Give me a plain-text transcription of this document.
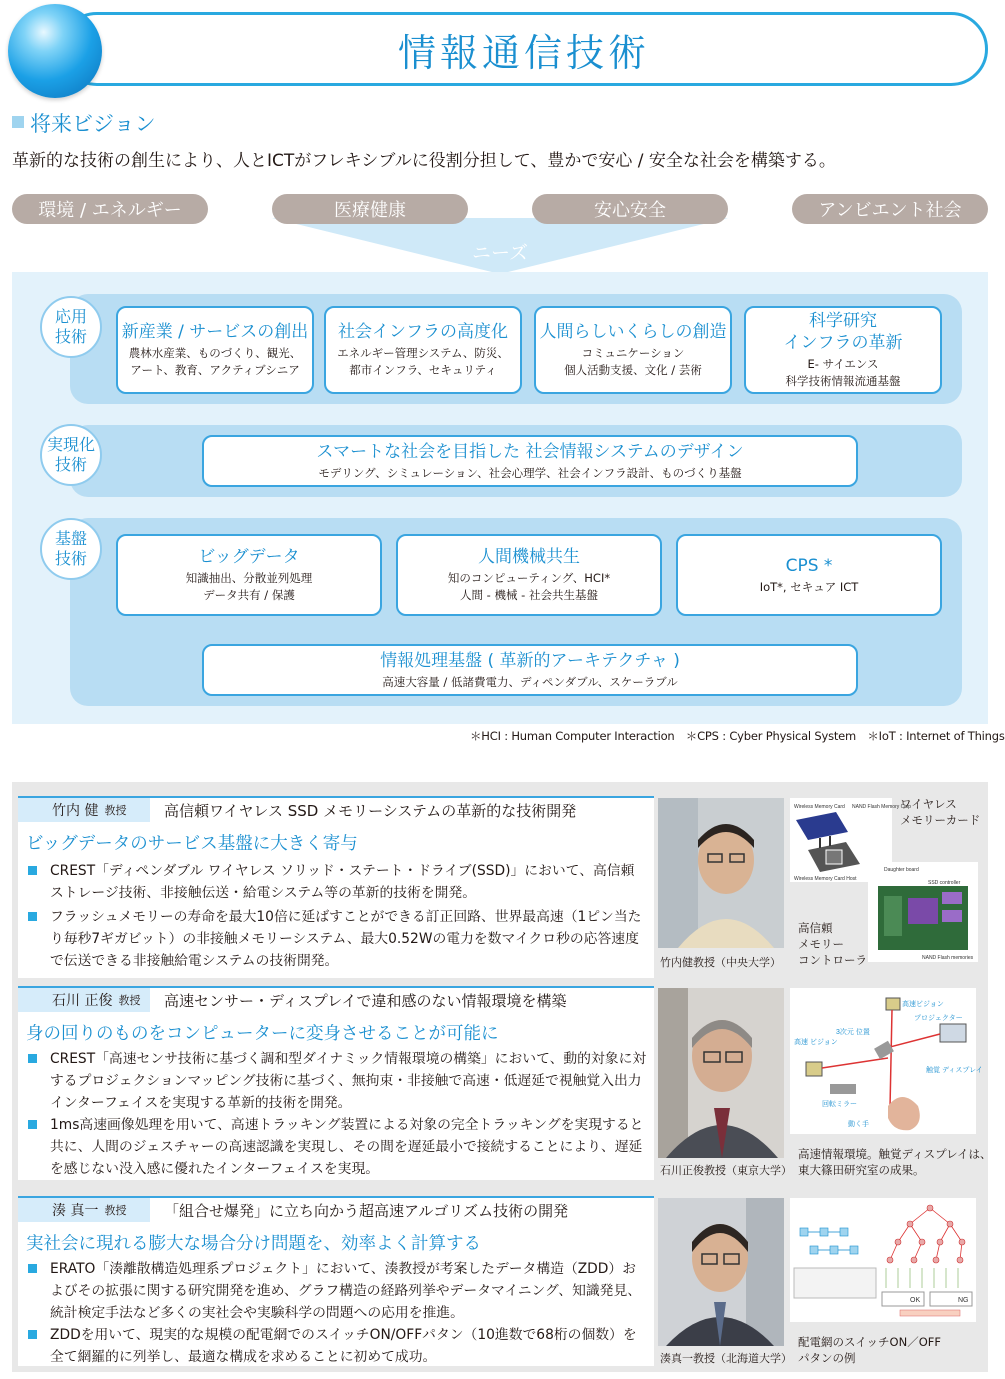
情報通信技術
将来ビジョン
革新的な技術の創生により、人とICTがフレキシブルに役割分担して、豊かで安心 / 安全な社会を構築する。
環境 / エネルギー	医療健康	安心安全	アンビエント社会
ニーズ
応用
技術
実現化
技術
基盤
技術
新産業 / サービスの創出
農林水産業、ものづくり、観光、
アート、教育、アクティブシニア
社会インフラの高度化
エネルギー管理システム、防災、
都市インフラ、セキュリティ
人間らしいくらしの創造
コミュニケーション
個人活動支援、文化 / 芸術
科学研究
インフラの革新
E- サイエンス
科学技術情報流通基盤
スマートな社会を目指した 社会情報システムのデザイン
モデリング、シミュレーション、社会心理学、社会インフラ設計、ものづくり基盤
ビッグデータ
知識抽出、分散並列処理
データ共有 / 保護
人間機械共生
知のコンピューティング、HCI*
人間 - 機械 - 社会共生基盤
CPS *
IoT*, セキュア ICT
情報処理基盤 ( 革新的アーキテクチャ )
高速大容量 / 低諸費電力、ディペンダブル、スケーラブル
＊HCI : Human Computer Interaction　＊CPS : Cyber Physical System　＊IoT : Internet of Things
竹内 健 教授	高信頼ワイヤレス SSD メモリーシステムの革新的な技術開発
ビッグデータのサービス基盤に大きく寄与
CREST「ディペンダブル ワイヤレス ソリッド・ステート・ドライブ(SSD)」において、高信頼ストレージ技術、非接触伝送・給電システム等の革新的技術を開発。
フラッシュメモリーの寿命を最大10倍に延ばすことができる訂正回路、世界最高速（1ピン当たり毎秒7ギガビット）の非接触メモリーシステム、最大0.52Wの電力を数マイクロ秒の応答速度で伝送できる非接触給電システムの技術開発。	竹内健教授（中央大学）
Wireless Memory Card NAND Flash Memory Chip
Wireless Memory Card Host
ワイヤレス
メモリーカード
Daughter board
SSD controller
NAND Flash memories
高信頼
メモリー
コントローラ
石川 正俊 教授	高速センサー・ディスプレイで違和感のない情報環境を構築
身の回りのものをコンピューターに変身させることが可能に
CREST「高速センサ技術に基づく調和型ダイナミック情報環境の構築」において、動的対象に対するプロジェクションマッピング技術に基づく、無拘束・非接触で高速・低遅延で視触覚入出力インターフェイスを実現する革新的技術を開発。
1ms高速画像処理を用いて、高速トラッキング装置による対象の完全トラッキングを実現すると共に、人間のジェスチャーの高速認識を実現し、その間を遅延最小で接続することにより、遅延を感じない没入感に優れたインターフェイスを実現。	石川正俊教授（東京大学）
高速ビジョン
プロジェクター
3次元 位置
高速 ビジョン
触覚 ディスプレイ
回転ミラー
動く手
高速情報環境。触覚ディスプレイは、
東大篠田研究室の成果。
湊 真一 教授	「組合せ爆発」に立ち向かう超高速アルゴリズム技術の開発
実社会に現れる膨大な場合分け問題を、効率よく計算する
ERATO「湊離散構造処理系プロジェクト」において、湊教授が考案したデータ構造（ZDD）およびその拡張に関する研究開発を進め、グラフ構造の経路列挙やデータマイニング、知識発見、統計検定手法など多くの実社会や実験科学の問題への応用を推進。
ZDDを用いて、現実的な規模の配電網でのスイッチON/OFFパタン（10進数で68桁の個数）を全て網羅的に列挙し、最適な構成を求めることに初めて成功。	湊真一教授（北海道大学）
OK	NG
配電網のスイッチON／OFF
パタンの例
